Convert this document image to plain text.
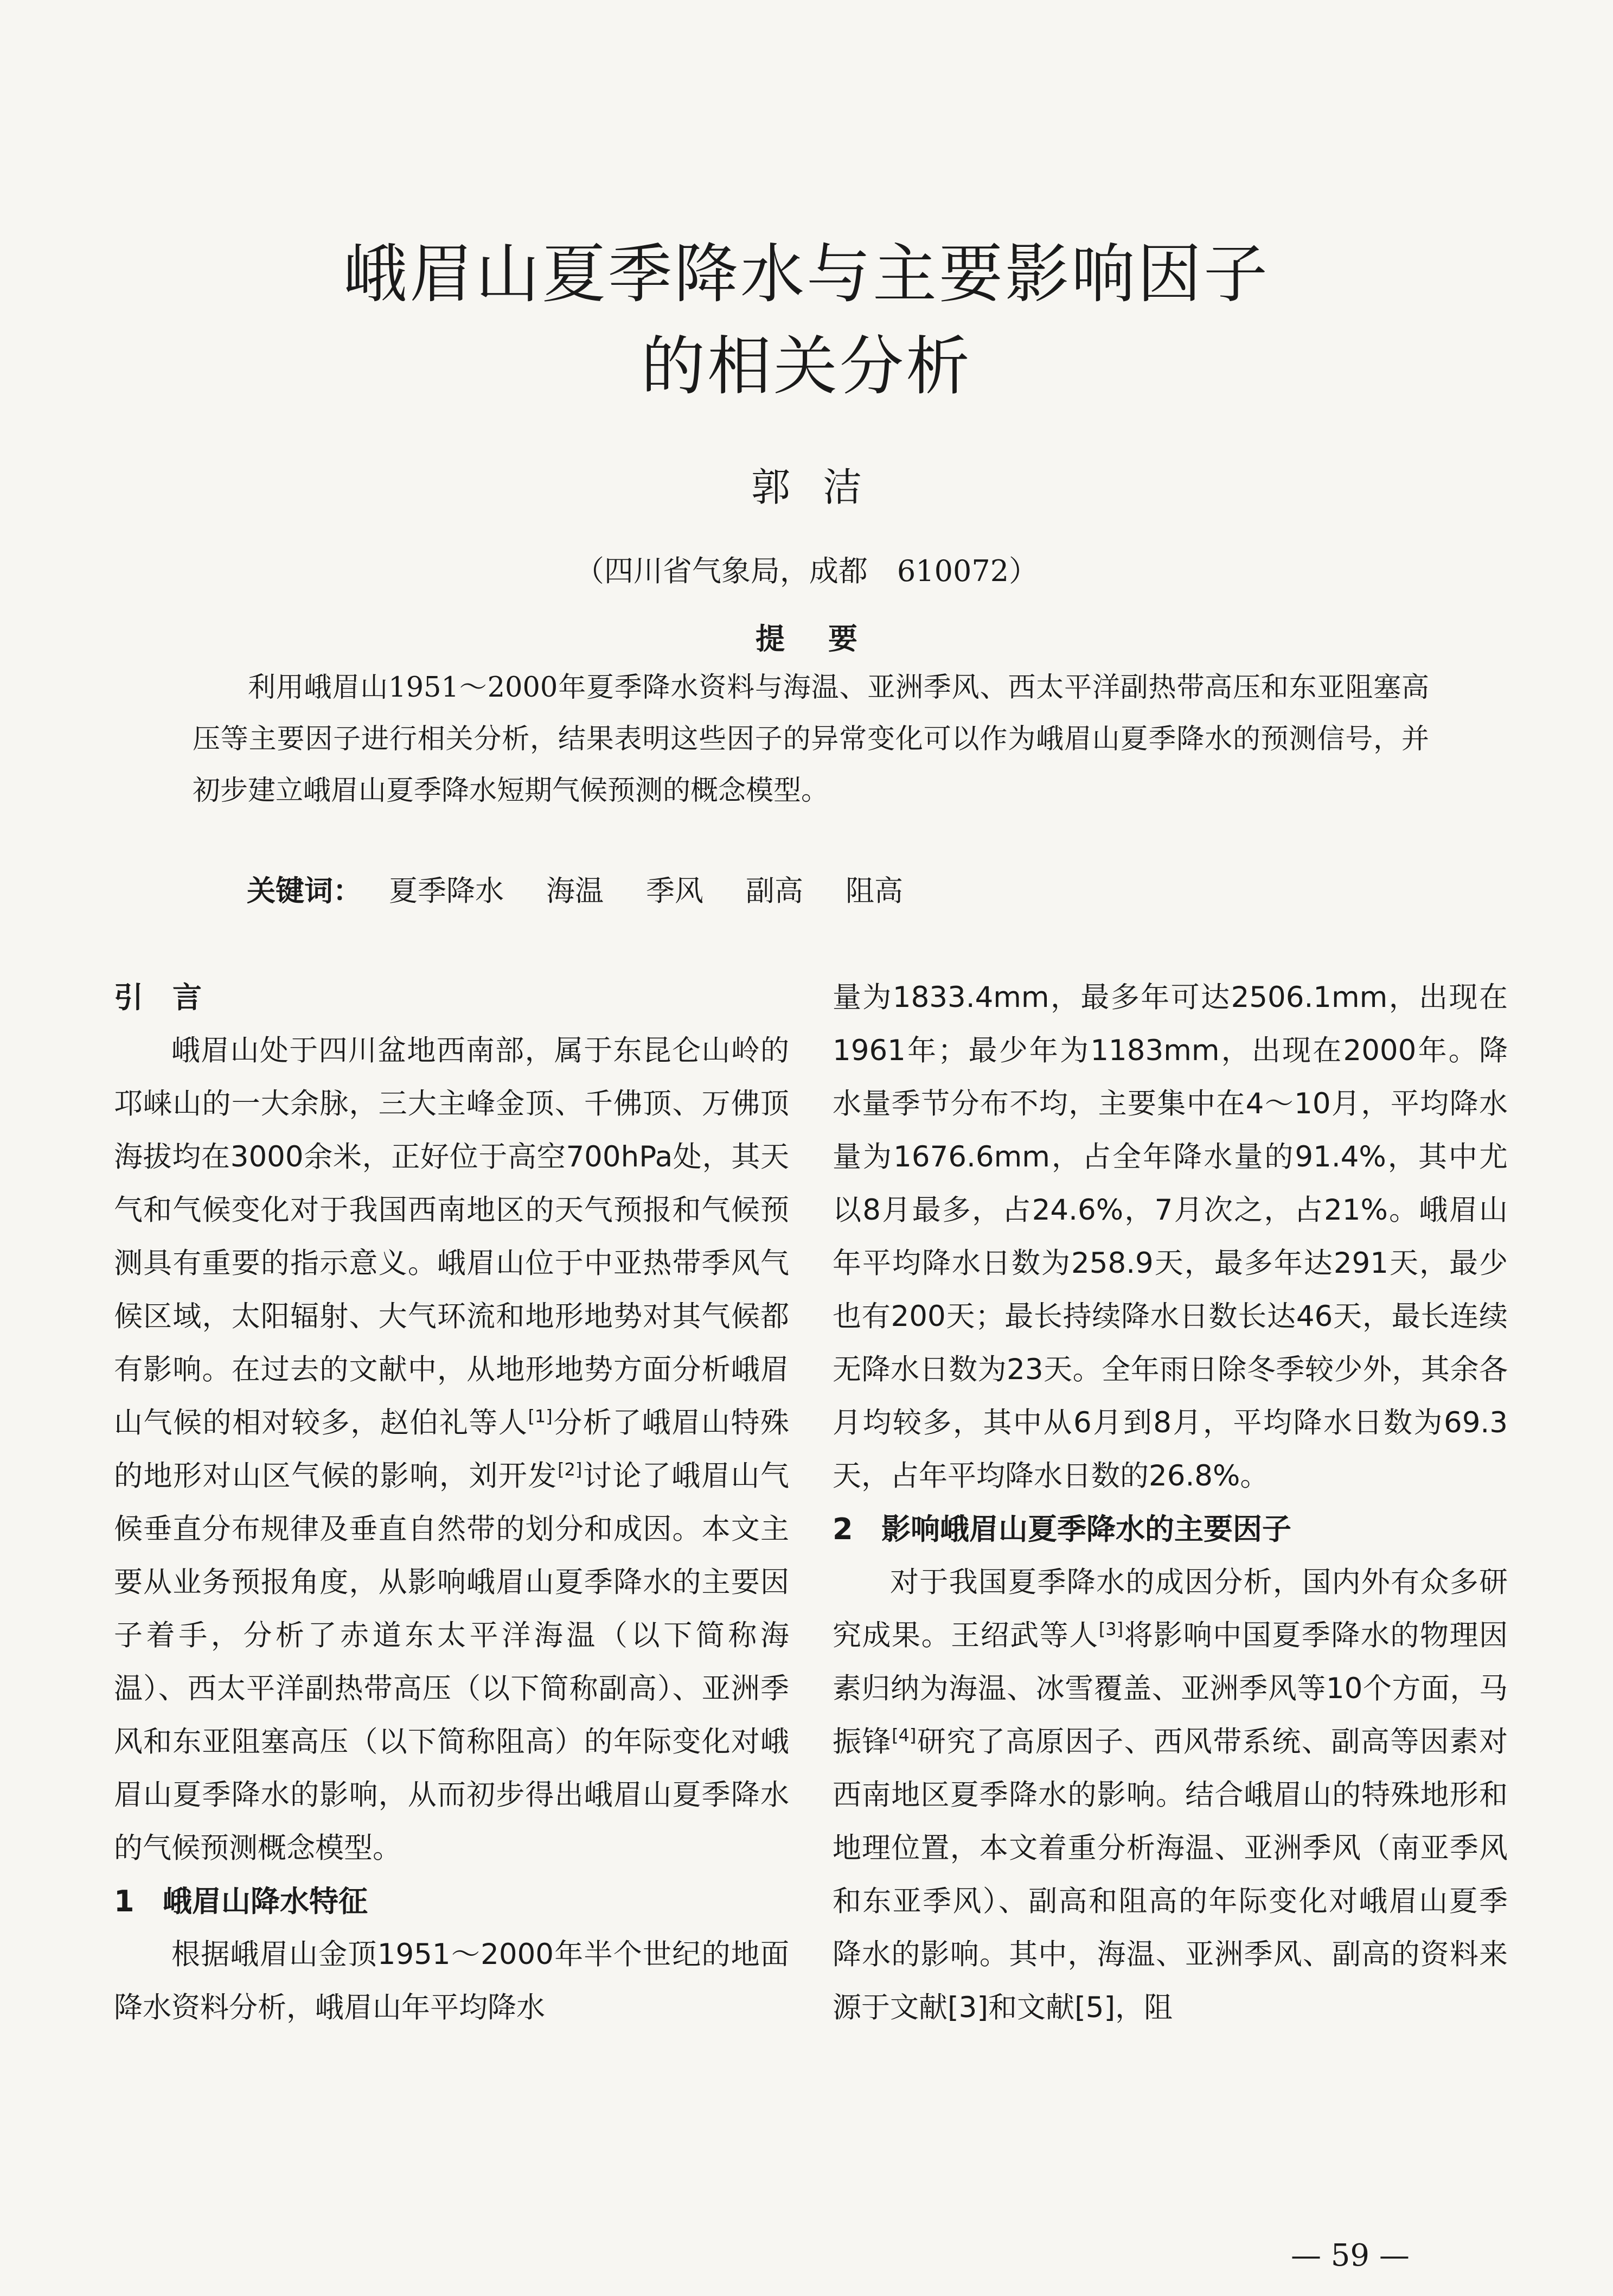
峨眉山夏季降水与主要影响因子
的相关分析
郭洁
（四川省气象局，成都　610072）
提要

利用峨眉山1951～2000年夏季降水资料与海温、亚洲季风、西太平洋副热带高压和东亚阻塞高压等主要因子进行相关分析，结果表明这些因子的异常变化可以作为峨眉山夏季降水的预测信号，并初步建立峨眉山夏季降水短期气候预测的概念模型。

关键词： 夏季降水 海温 季风 副高 阻高
引　言

峨眉山处于四川盆地西南部，属于东昆仑山岭的邛崃山的一大余脉，三大主峰金顶、千佛顶、万佛顶海拔均在3000余米，正好位于高空700hPa处，其天气和气候变化对于我国西南地区的天气预报和气候预测具有重要的指示意义。峨眉山位于中亚热带季风气候区域，太阳辐射、大气环流和地形地势对其气候都有影响。在过去的文献中，从地形地势方面分析峨眉山气候的相对较多，赵伯礼等人[1]分析了峨眉山特殊的地形对山区气候的影响，刘开发[2]讨论了峨眉山气候垂直分布规律及垂直自然带的划分和成因。本文主要从业务预报角度，从影响峨眉山夏季降水的主要因子着手，分析了赤道东太平洋海温（以下简称海温）、西太平洋副热带高压（以下简称副高）、亚洲季风和东亚阻塞高压（以下简称阻高）的年际变化对峨眉山夏季降水的影响，从而初步得出峨眉山夏季降水的气候预测概念模型。

1 峨眉山降水特征

根据峨眉山金顶1951～2000年半个世纪的地面降水资料分析，峨眉山年平均降水

量为1833.4mm，最多年可达2506.1mm，出现在1961年；最少年为1183mm，出现在2000年。降水量季节分布不均，主要集中在4～10月，平均降水量为1676.6mm，占全年降水量的91.4%，其中尤以8月最多，占24.6%，7月次之，占21%。峨眉山年平均降水日数为258.9天，最多年达291天，最少也有200天；最长持续降水日数长达46天，最长连续无降水日数为23天。全年雨日除冬季较少外，其余各月均较多，其中从6月到8月，平均降水日数为69.3天，占年平均降水日数的26.8%。

2 影响峨眉山夏季降水的主要因子

对于我国夏季降水的成因分析，国内外有众多研究成果。王绍武等人[3]将影响中国夏季降水的物理因素归纳为海温、冰雪覆盖、亚洲季风等10个方面，马振锋[4]研究了高原因子、西风带系统、副高等因素对西南地区夏季降水的影响。结合峨眉山的特殊地形和地理位置，本文着重分析海温、亚洲季风（南亚季风和东亚季风）、副高和阻高的年际变化对峨眉山夏季降水的影响。其中，海温、亚洲季风、副高的资料来源于文献[3]和文献[5]，阻

— 59 —
